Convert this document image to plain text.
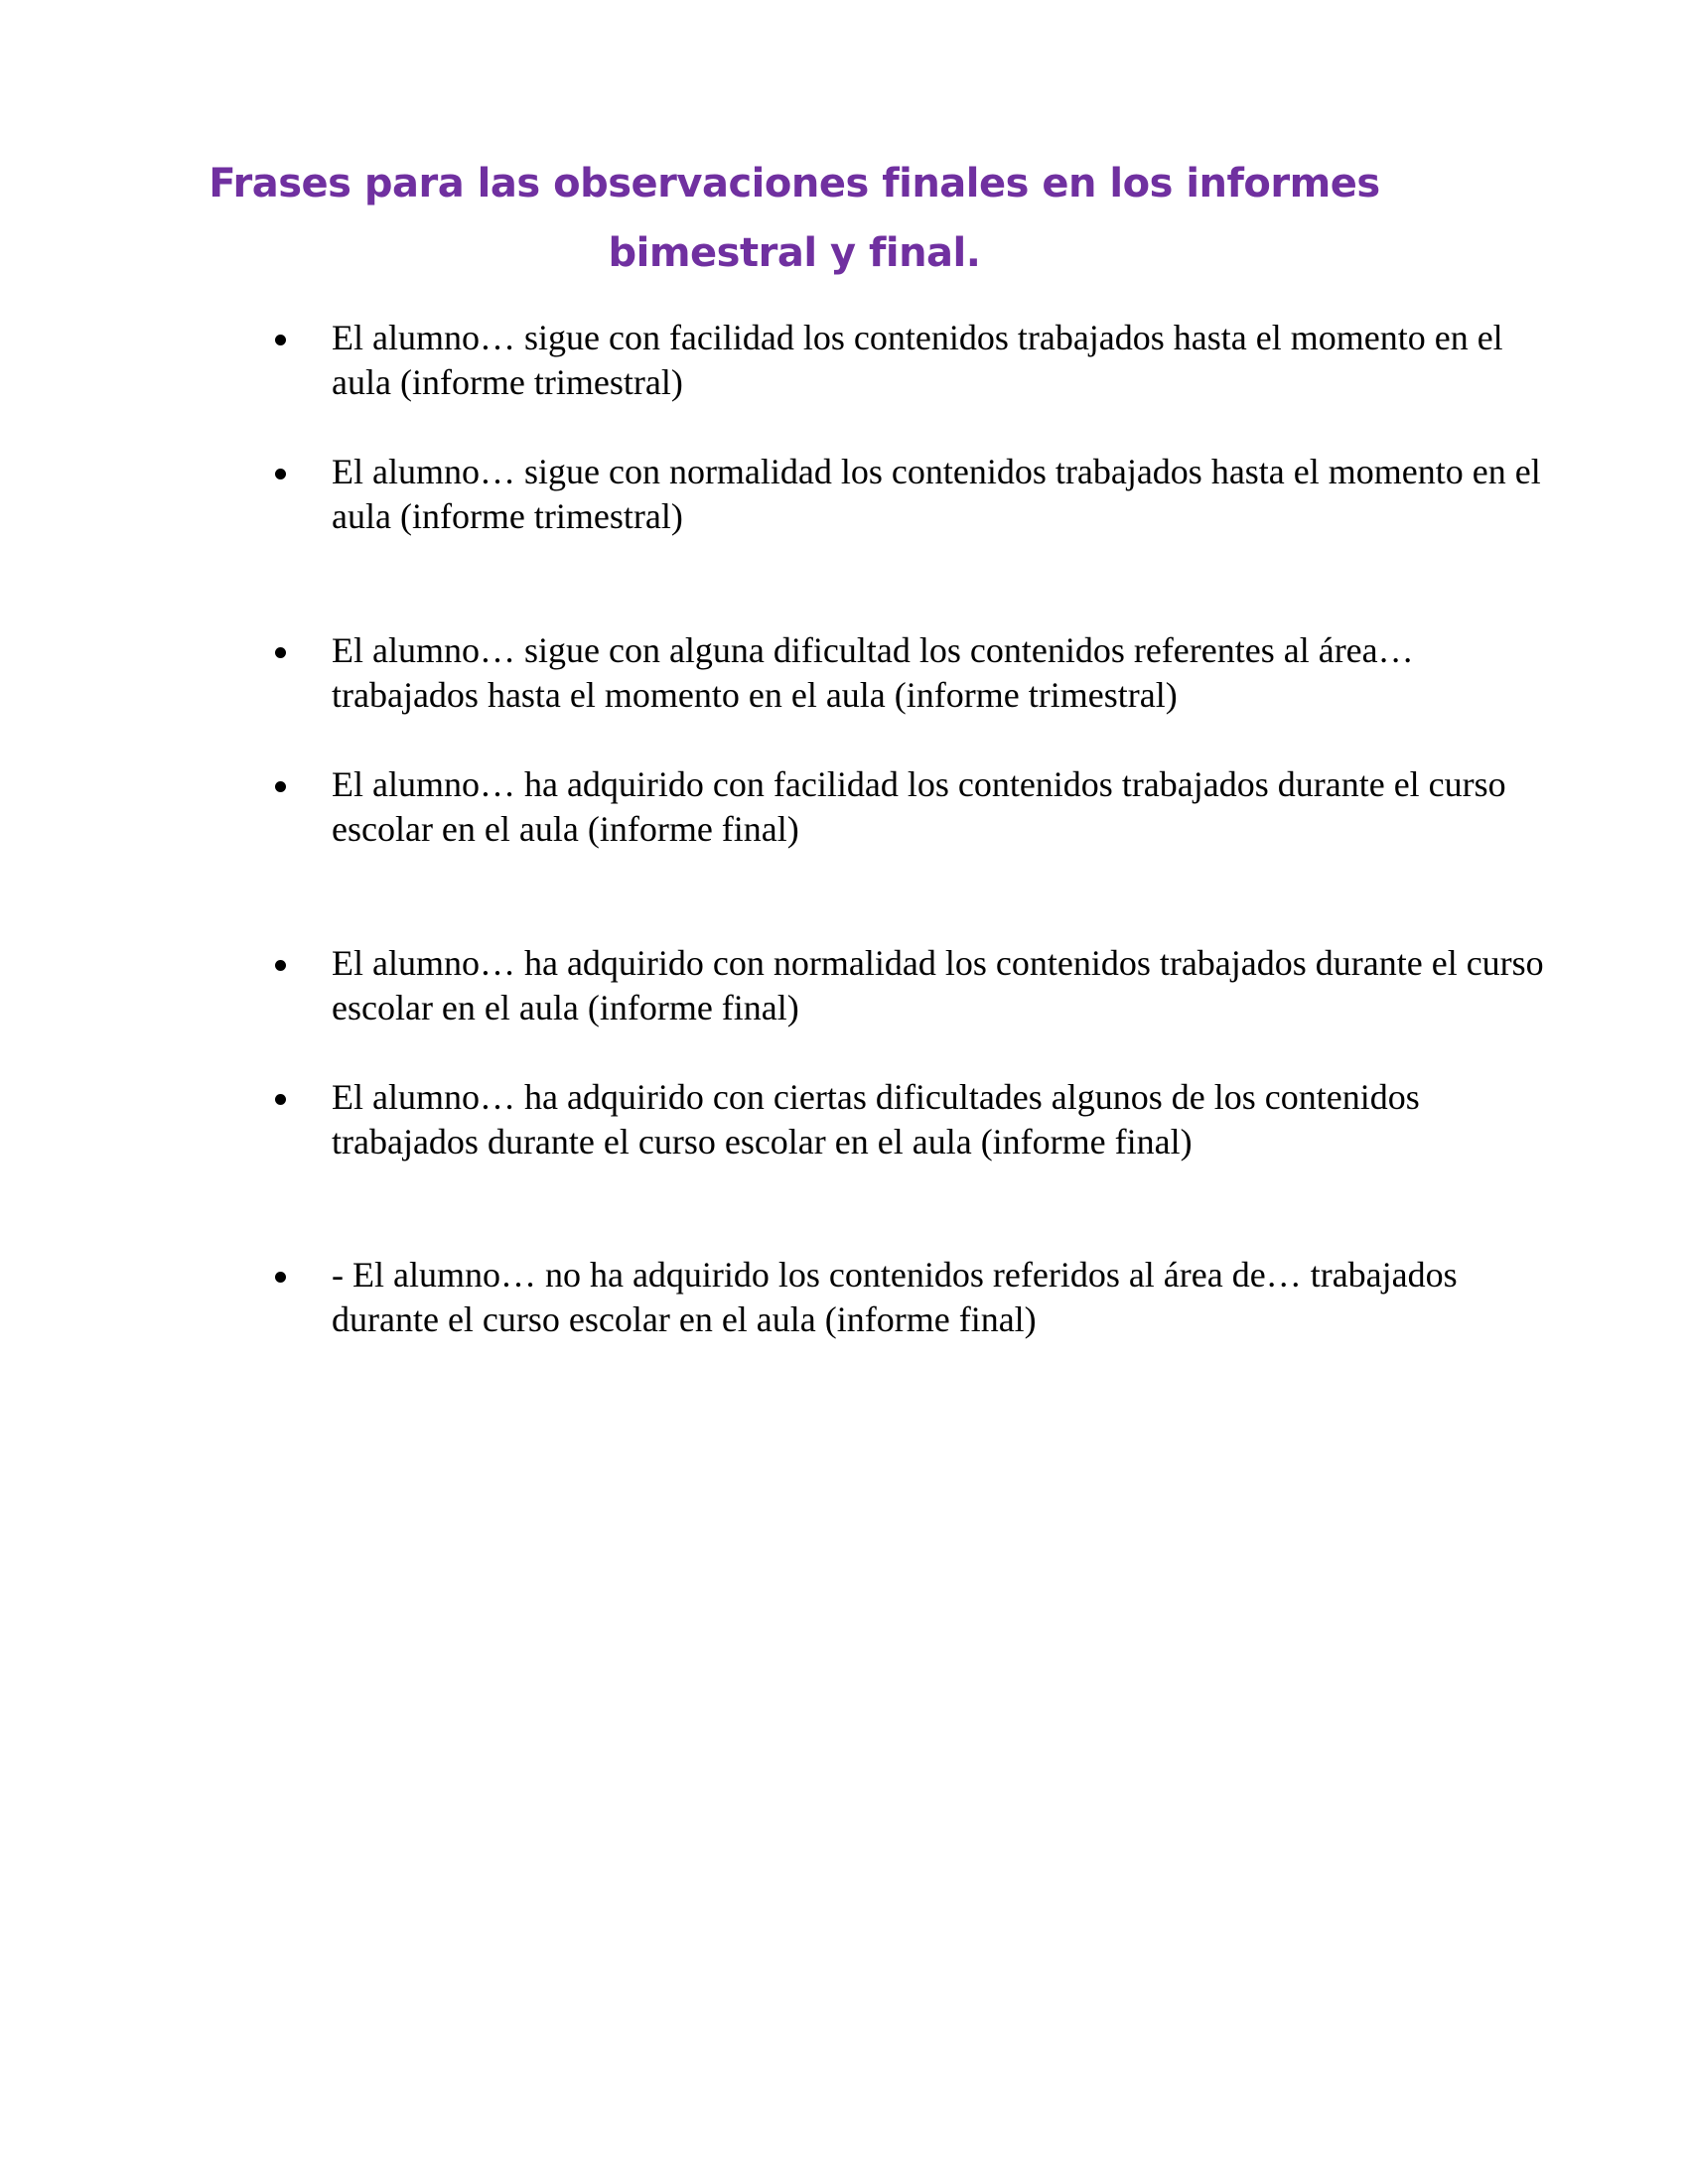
Frases para las observaciones finales en los informes bimestral y final.
El alumno… sigue con facilidad los contenidos trabajados hasta el momento en el aula (informe trimestral)
El alumno… sigue con normalidad los contenidos trabajados hasta el momento en el aula (informe trimestral)
El alumno… sigue con alguna dificultad los contenidos referentes al área… trabajados hasta el momento en el aula (informe trimestral)
El alumno… ha adquirido con facilidad los contenidos trabajados durante el curso escolar en el aula (informe final)
El alumno… ha adquirido con normalidad los contenidos trabajados durante el curso escolar en el aula (informe final)
El alumno… ha adquirido con ciertas dificultades algunos de los contenidos trabajados durante el curso escolar en el aula (informe final)
- El alumno… no ha adquirido los contenidos referidos al área de… trabajados durante el curso escolar en el aula (informe final)
